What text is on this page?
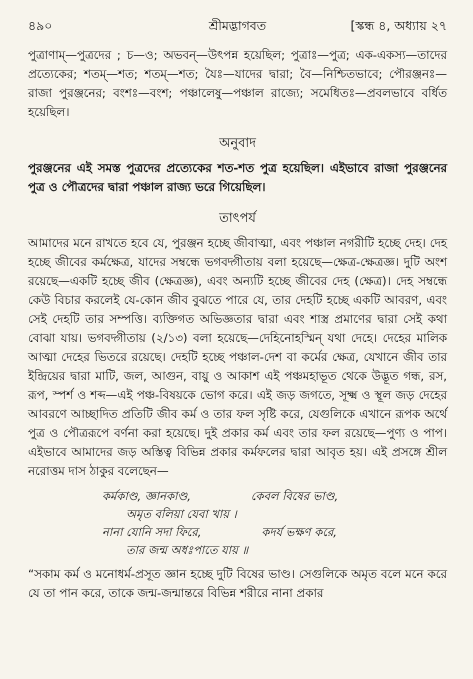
৪৯০	শ্রীমদ্ভাগবত	[স্কন্ধ ৪, অধ্যায় ২৭

পুত্রাণাম্—পুত্রদের ; চ—ও; অভবন্—উৎপন্ন হয়েছিল; পুত্রাঃ—পুত্র; এক-একস্য—তাদের প্রত্যেকের; শতম্—শত; শতম্—শত; যৈঃ—যাদের দ্বারা; বৈ—নিশ্চিতভাবে; পৌরঞ্জনঃ—রাজা পুরঞ্জনের; বংশঃ—বংশ; পঞ্চালেষু—পঞ্চাল রাজ্যে; সমেধিতঃ—প্রবলভাবে বর্ধিত হয়েছিল।

অনুবাদ

পুরঞ্জনের এই সমস্ত পুত্রদের প্রত্যেকের শত-শত পুত্র হয়েছিল। এইভাবে রাজা পুরঞ্জনের পুত্র ও পৌত্রদের দ্বারা পঞ্চাল রাজ্য ভরে গিয়েছিল।

তাৎপর্য

আমাদের মনে রাখতে হবে যে, পুরঞ্জন হচ্ছে জীবাত্মা, এবং পঞ্চাল নগরীটি হচ্ছে দেহ। দেহ হচ্ছে জীবের কর্মক্ষেত্র, যাদের সম্বন্ধে ভগবদ্গীতায় বলা হয়েছে—ক্ষেত্র-ক্ষেত্রজ্ঞ। দুটি অংশ রয়েছে—একটি হচ্ছে জীব (ক্ষেত্রজ্ঞ), এবং অন্যটি হচ্ছে জীবের দেহ (ক্ষেত্র)। দেহ সম্বন্ধে কেউ বিচার করলেই যে-কোন জীব বুঝতে পারে যে, তার দেহটি হচ্ছে একটি আবরণ, এবং সেই দেহটি তার সম্পত্তি। ব্যক্তিগত অভিজ্ঞতার দ্বারা এবং শাস্ত্র প্রমাণের দ্বারা সেই কথা বোঝা যায়। ভগবদ্গীতায় (২/১৩) বলা হয়েছে—দেহিনোহস্মিন্ যথা দেহে। দেহের মালিক আত্মা দেহের ভিতরে রয়েছে। দেহটি হচ্ছে পঞ্চাল-দেশ বা কর্মের ক্ষেত্র, যেখানে জীব তার ইন্দ্রিয়ের দ্বারা মাটি, জল, আগুন, বায়ু ও আকাশ এই পঞ্চমহাভূত থেকে উদ্ভূত গন্ধ, রস, রূপ, স্পর্শ ও শব্দ—এই পঞ্চ-বিষয়কে ভোগ করে। এই জড় জগতে, সূক্ষ্ম ও স্থূল জড় দেহের আবরণে আচ্ছাদিত প্রতিটি জীব কর্ম ও তার ফল সৃষ্টি করে, যেগুলিকে এখানে রূপক অর্থে পুত্র ও পৌত্ররূপে বর্ণনা করা হয়েছে। দুই প্রকার কর্ম এবং তার ফল রয়েছে—পুণ্য ও পাপ। এইভাবে আমাদের জড় অস্তিত্ব বিভিন্ন প্রকার কর্মফলের দ্বারা আবৃত হয়। এই প্রসঙ্গে শ্রীল নরোত্তম দাস ঠাকুর বলেছেন—

কর্মকাণ্ড, জ্ঞানকাণ্ড,	কেবল বিষের ভাণ্ড,
অমৃত বলিয়া যেবা খায় ।
নানা যোনি সদা ফিরে,	কদর্য ভক্ষণ করে,
তার জন্ম অধঃপাতে যায় ॥

“সকাম কর্ম ও মনোধর্ম-প্রসূত জ্ঞান হচ্ছে দুটি বিষের ভাণ্ড। সেগুলিকে অমৃত বলে মনে করে যে তা পান করে, তাকে জন্ম-জন্মান্তরে বিভিন্ন শরীরে নানা প্রকার
